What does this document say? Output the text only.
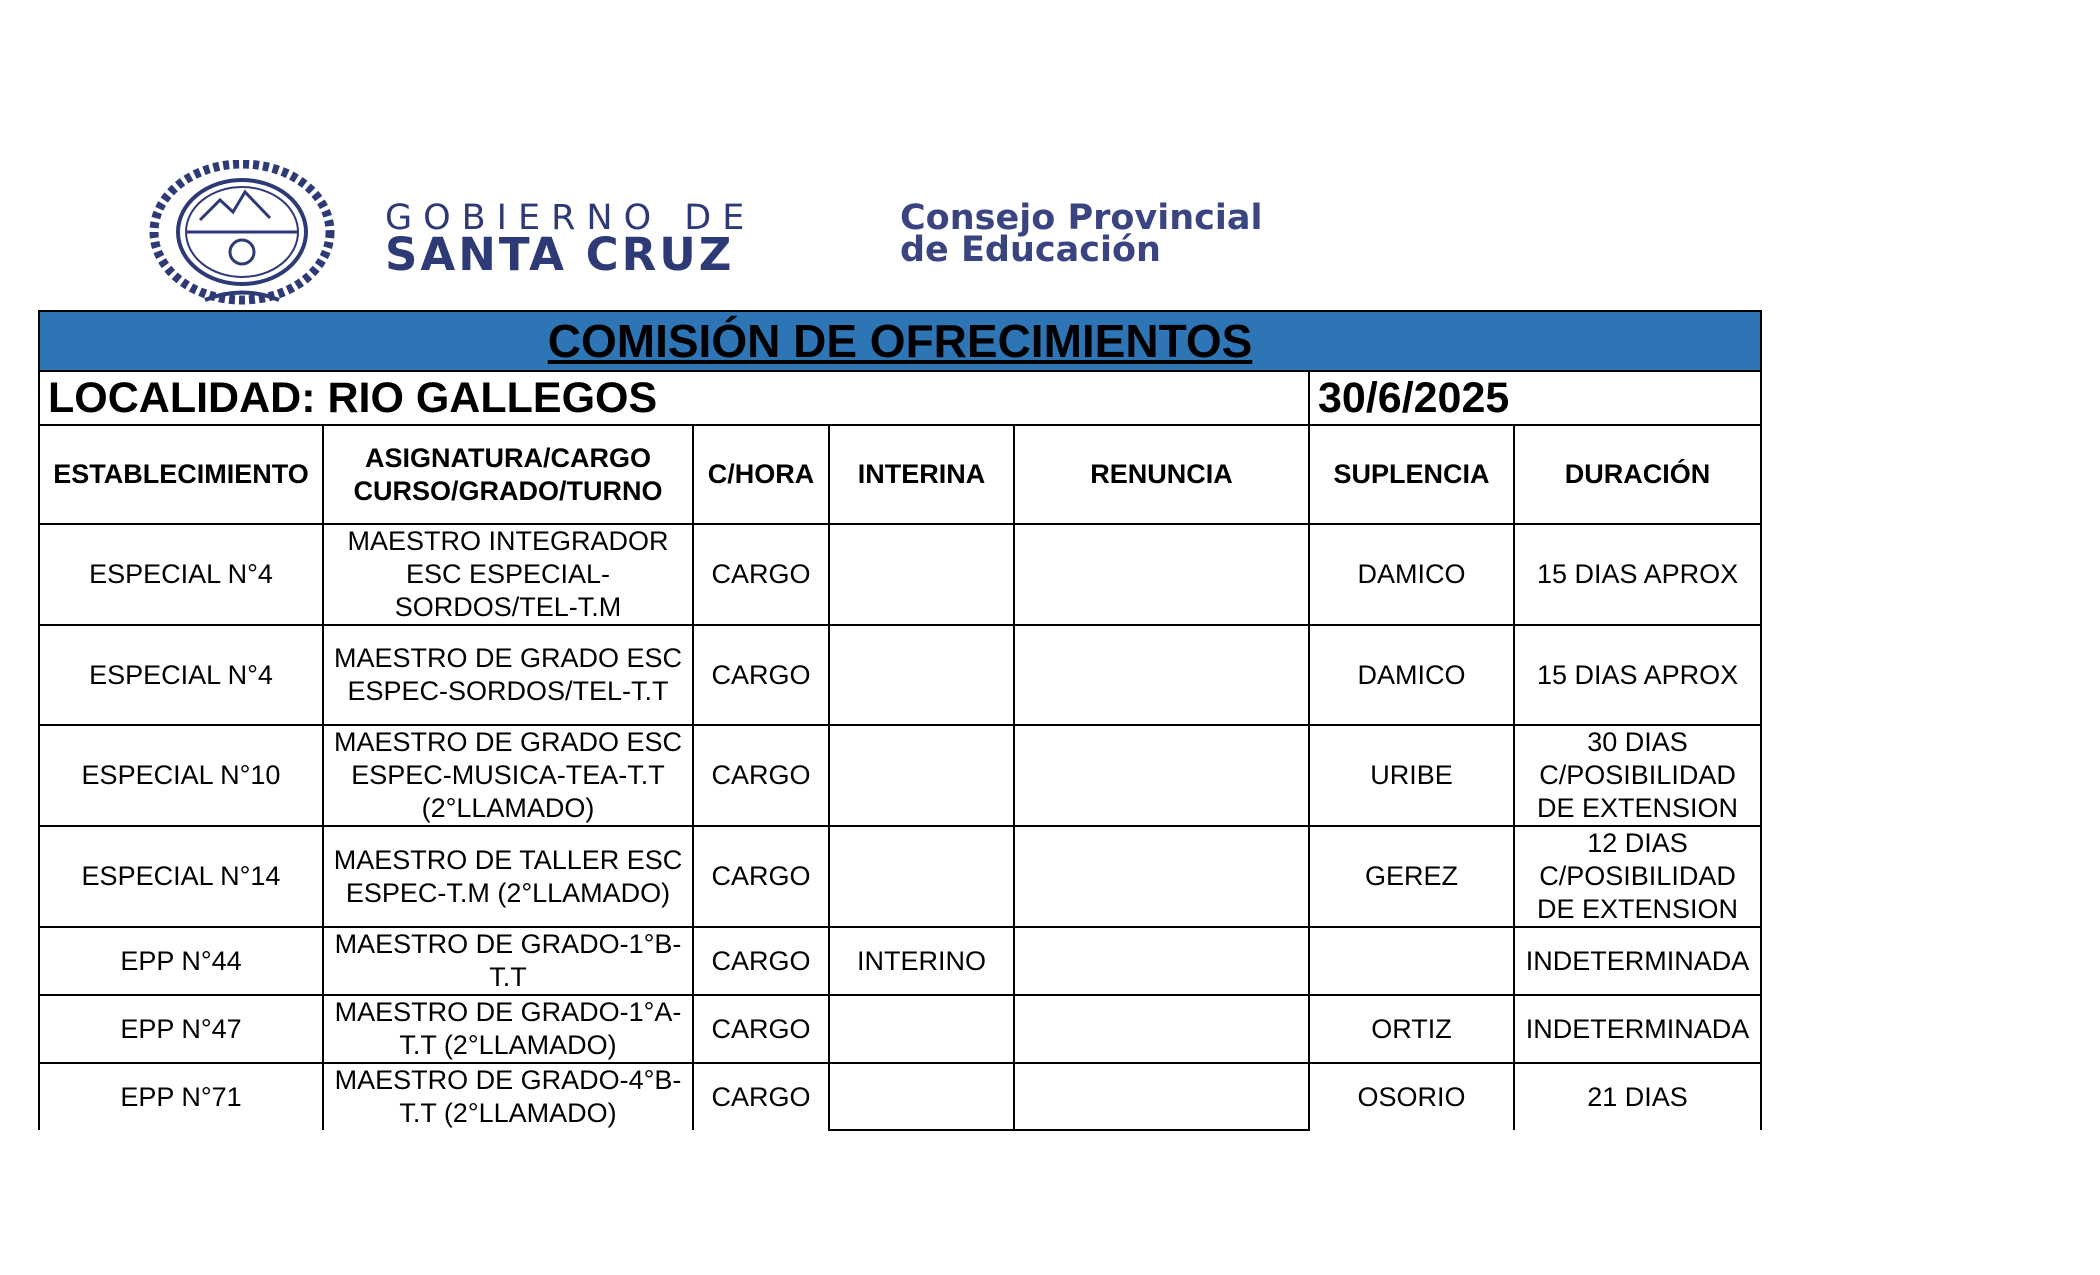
GOBIERNO DE
SANTA CRUZ
Consejo Provincial
de Educación
COMISIÓN DE OFRECIMIENTOS						
LOCALIDAD: RIO GALLEGOS					30/6/2025	
ESTABLECIMIENTO	ASIGNATURA/CARGO CURSO/GRADO/TURNO	C/HORA	INTERINA	RENUNCIA	SUPLENCIA	DURACIÓN
ESPECIAL N°4	MAESTRO INTEGRADOR ESC ESPECIAL-SORDOS/TEL-T.M	CARGO			DAMICO	15 DIAS APROX
ESPECIAL N°4	MAESTRO DE GRADO ESC ESPEC-SORDOS/TEL-T.T	CARGO			DAMICO	15 DIAS APROX
ESPECIAL N°10	MAESTRO DE GRADO ESC ESPEC-MUSICA-TEA-T.T (2°LLAMADO)	CARGO			URIBE	30 DIAS C/POSIBILIDAD DE EXTENSION
ESPECIAL N°14	MAESTRO DE TALLER ESC ESPEC-T.M (2°LLAMADO)	CARGO			GEREZ	12 DIAS C/POSIBILIDAD DE EXTENSION
EPP N°44	MAESTRO DE GRADO-1°B-T.T	CARGO	INTERINO			INDETERMINADA
EPP N°47	MAESTRO DE GRADO-1°A-T.T (2°LLAMADO)	CARGO			ORTIZ	INDETERMINADA
EPP N°71	MAESTRO DE GRADO-4°B-T.T (2°LLAMADO)	CARGO			OSORIO	21 DIAS
